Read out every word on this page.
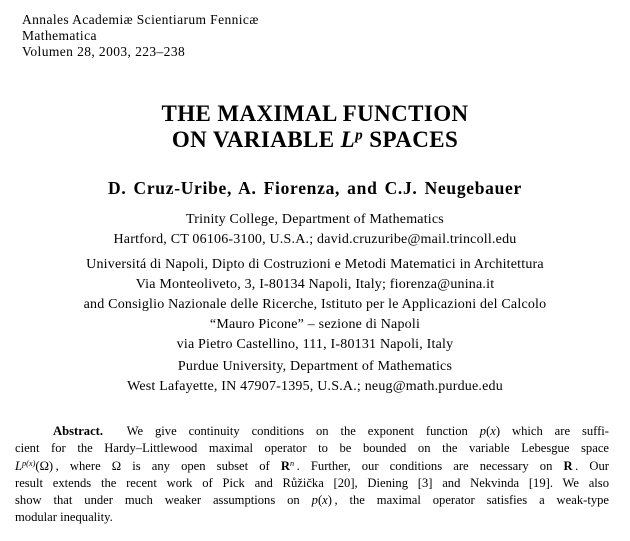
Annales Academiæ Scientiarum Fennicæ
Mathematica
Volumen 28, 2003, 223–238
THE MAXIMAL FUNCTION
ON VARIABLE $L^p$ SPACES
D. Cruz-Uribe, A. Fiorenza, and C.J. Neugebauer
Trinity College, Department of Mathematics
Hartford, CT 06106-3100, U.S.A.; david.cruzuribe@mail.trincoll.edu
Universitá di Napoli, Dipto di Costruzioni e Metodi Matematici in Architettura
Via Monteoliveto, 3, I-80134 Napoli, Italy; fiorenza@unina.it
and Consiglio Nazionale delle Ricerche, Istituto per le Applicazioni del Calcolo
“Mauro Picone” – sezione di Napoli
via Pietro Castellino, 111, I-80131 Napoli, Italy
Purdue University, Department of Mathematics
West Lafayette, IN 47907-1395, U.S.A.; neug@math.purdue.edu
Abstract.  We give continuity conditions on the exponent function p(x) which are suffi-
cient for the Hardy–Littlewood maximal operator to be bounded on the variable Lebesgue space
$L^{p(x)}(\Omega)$ , where Ω is any open subset of $R^n$ . Further, our conditions are necessary on R . Our
result extends the recent work of Pick and Růžička [20], Diening [3] and Nekvinda [19]. We also
show that under much weaker assumptions on p(x) , the maximal operator satisfies a weak-type
modular inequality.
